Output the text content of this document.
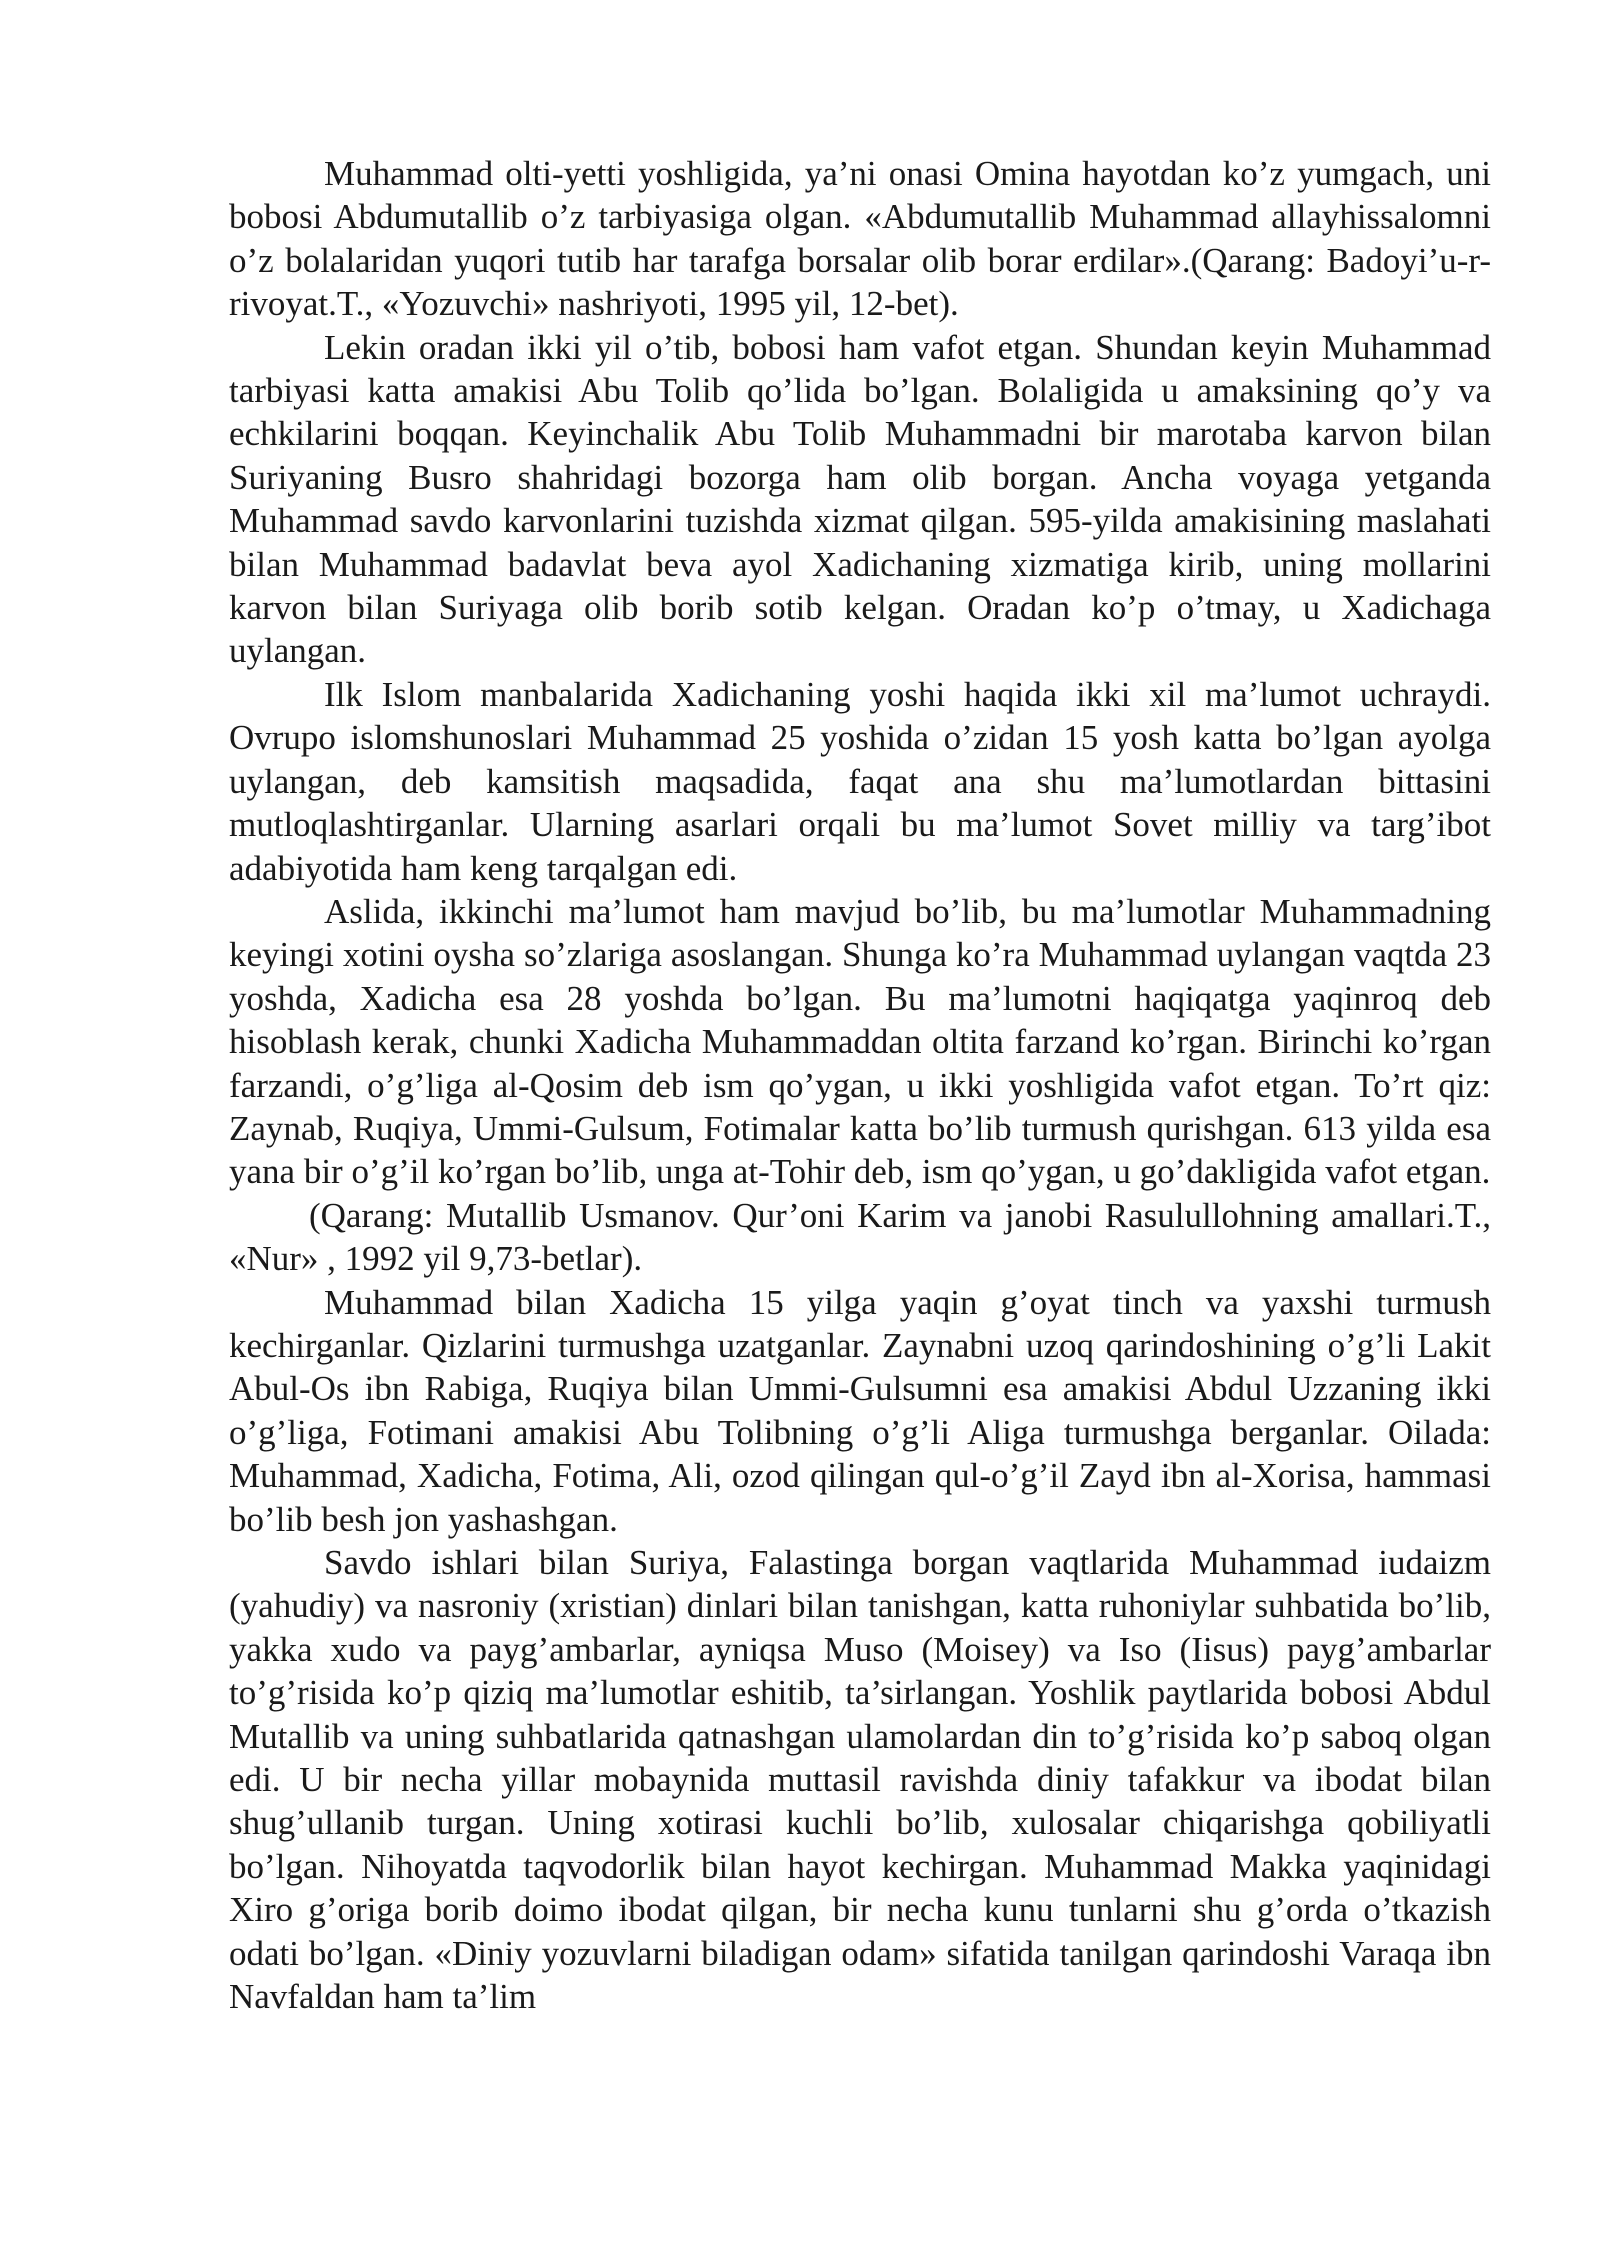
Muhammad olti-yetti yoshligida, ya’ni onasi Omina hayotdan ko’z yumgach, uni bobosi Abdumutallib o’z tarbiyasiga olgan. «Abdumutallib Muhammad allayhissalomni o’z bolalaridan yuqori tutib har tarafga borsalar olib borar erdilar».(Qarang: Badoyi’u-r-rivoyat.T., «Yozuvchi» nashriyoti, 1995 yil, 12-bet).

Lekin oradan ikki yil o’tib, bobosi ham vafot etgan. Shundan keyin Muhammad tarbiyasi katta amakisi Abu Tolib qo’lida bo’lgan. Bolaligida u amaksining qo’y va echkilarini boqqan. Keyinchalik Abu Tolib Muhammadni bir marotaba karvon bilan Suriyaning Busro shahridagi bozorga ham olib borgan. Ancha voyaga yetganda Muhammad savdo karvonlarini tuzishda xizmat qilgan. 595-yilda amakisining maslahati bilan Muhammad badavlat beva ayol Xadichaning xizmatiga kirib, uning mollarini karvon bilan Suriyaga olib borib sotib kelgan. Oradan ko’p o’tmay, u Xadichaga uylangan.

Ilk Islom manbalarida Xadichaning yoshi haqida ikki xil ma’lumot uchraydi. Ovrupo islomshunoslari Muhammad 25 yoshida o’zidan 15 yosh katta bo’lgan ayolga uylangan, deb kamsitish maqsadida, faqat ana shu ma’lumotlardan bittasini mutloqlashtirganlar. Ularning asarlari orqali bu ma’lumot Sovet milliy va targ’ibot adabiyotida ham keng tarqalgan edi.

Aslida, ikkinchi ma’lumot ham mavjud bo’lib, bu ma’lumotlar Muhammadning keyingi xotini oysha so’zlariga asoslangan. Shunga ko’ra Muhammad uylangan vaqtda 23 yoshda, Xadicha esa 28 yoshda bo’lgan. Bu ma’lumotni haqiqatga yaqinroq deb hisoblash kerak, chunki Xadicha Muhammaddan oltita farzand ko’rgan. Birinchi ko’rgan farzandi, o’g’liga al-Qosim deb ism qo’ygan, u ikki yoshligida vafot etgan. To’rt qiz: Zaynab, Ruqiya, Ummi-Gulsum, Fotimalar katta bo’lib turmush qurishgan. 613 yilda esa yana bir o’g’il ko’rgan bo’lib, unga at-Tohir deb, ism qo’ygan, u go’dakligida vafot etgan.

(Qarang: Mutallib Usmanov. Qur’oni Karim va janobi Rasulullohning amallari.T., «Nur» , 1992 yil 9,73-betlar).

Muhammad bilan Xadicha 15 yilga yaqin g’oyat tinch va yaxshi turmush kechirganlar. Qizlarini turmushga uzatganlar. Zaynabni uzoq qarindoshining o’g’li Lakit Abul-Os ibn Rabiga, Ruqiya bilan Ummi-Gulsumni esa amakisi Abdul Uzzaning ikki o’g’liga, Fotimani amakisi Abu Tolibning o’g’li Aliga turmushga berganlar. Oilada: Muhammad, Xadicha, Fotima, Ali, ozod qilingan qul-o’g’il Zayd ibn al-Xorisa, hammasi bo’lib besh jon yashashgan.

Savdo ishlari bilan Suriya, Falastinga borgan vaqtlarida Muhammad iudaizm (yahudiy) va nasroniy (xristian) dinlari bilan tanishgan, katta ruhoniylar suhbatida bo’lib, yakka xudo va payg’ambarlar, ayniqsa Muso (Moisey) va Iso (Iisus) payg’ambarlar to’g’risida ko’p qiziq ma’lumotlar eshitib, ta’sirlangan. Yoshlik paytlarida bobosi Abdul Mutallib va uning suhbatlarida qatnashgan ulamolardan din to’g’risida ko’p saboq olgan edi. U bir necha yillar mobaynida muttasil ravishda diniy tafakkur va ibodat bilan shug’ullanib turgan. Uning xotirasi kuchli bo’lib, xulosalar chiqarishga qobiliyatli bo’lgan. Nihoyatda taqvodorlik bilan hayot kechirgan. Muhammad Makka yaqinidagi Xiro g’origa borib doimo ibodat qilgan, bir necha kunu tunlarni shu g’orda o’tkazish odati bo’lgan. «Diniy yozuvlarni biladigan odam» sifatida tanilgan qarindoshi Varaqa ibn Navfaldan ham ta’lim
